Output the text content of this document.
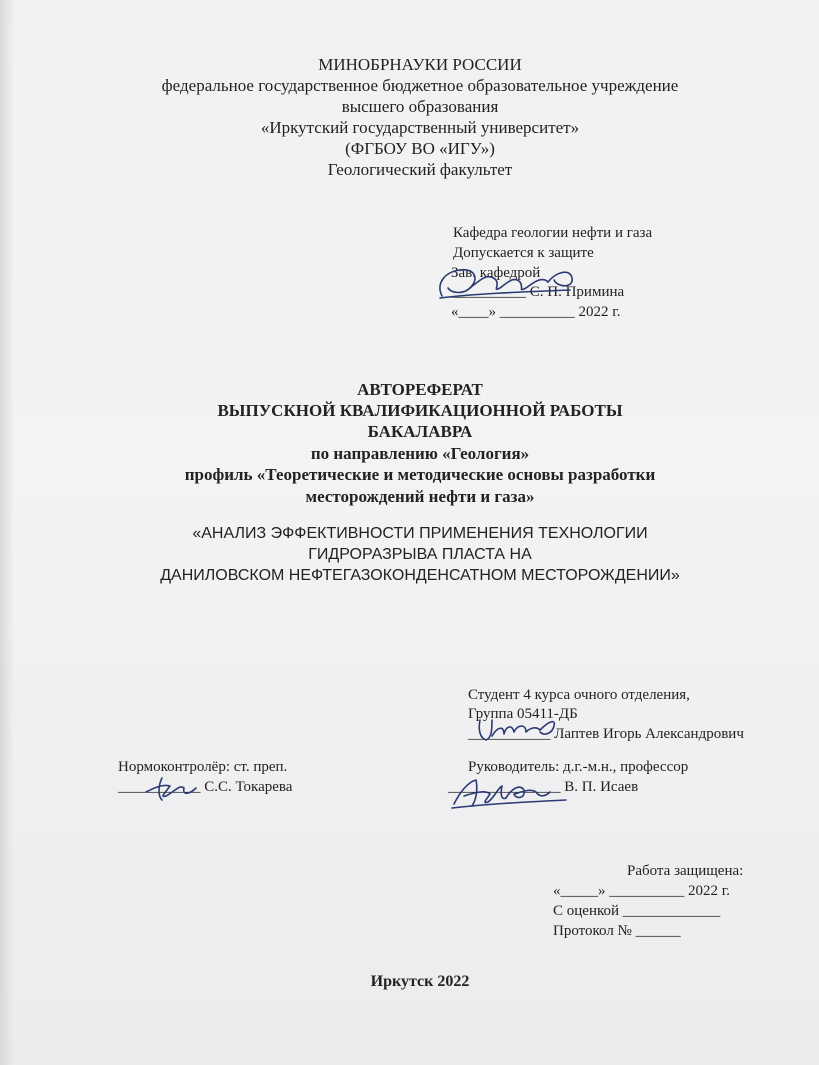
МИНОБРНАУКИ РОССИИ
федеральное государственное бюджетное образовательное учреждение
высшего образования
«Иркутский государственный университет»
(ФГБОУ ВО «ИГУ»)
Геологический факультет
Кафедра геологии нефти и газа
Допускается к защите
Зав. кафедрой
__________ С. П. Примина
«____» __________ 2022 г.
АВТОРЕФЕРАТ
ВЫПУСКНОЙ КВАЛИФИКАЦИОННОЙ РАБОТЫ
БАКАЛАВРА
по направлению «Геология»
профиль «Теоретические и методические основы разработки
месторождений нефти и газа»
«АНАЛИЗ ЭФФЕКТИВНОСТИ ПРИМЕНЕНИЯ ТЕХНОЛОГИИ
ГИДРОРАЗРЫВА ПЛАСТА НА
ДАНИЛОВСКОМ НЕФТЕГАЗОКОНДЕНСАТНОМ МЕСТОРОЖДЕНИИ»
Студент 4 курса очного отделения,
Группа 05411-ДБ
___________ Лаптев Игорь Александрович
Нормоконтролёр: ст. преп.
___________ С.С. Токарева
Руководитель: д.г.-м.н., профессор
_______________ В. П. Исаев
Работа защищена:
«_____» __________ 2022 г.
С оценкой _____________
Протокол № ______
Иркутск 2022
